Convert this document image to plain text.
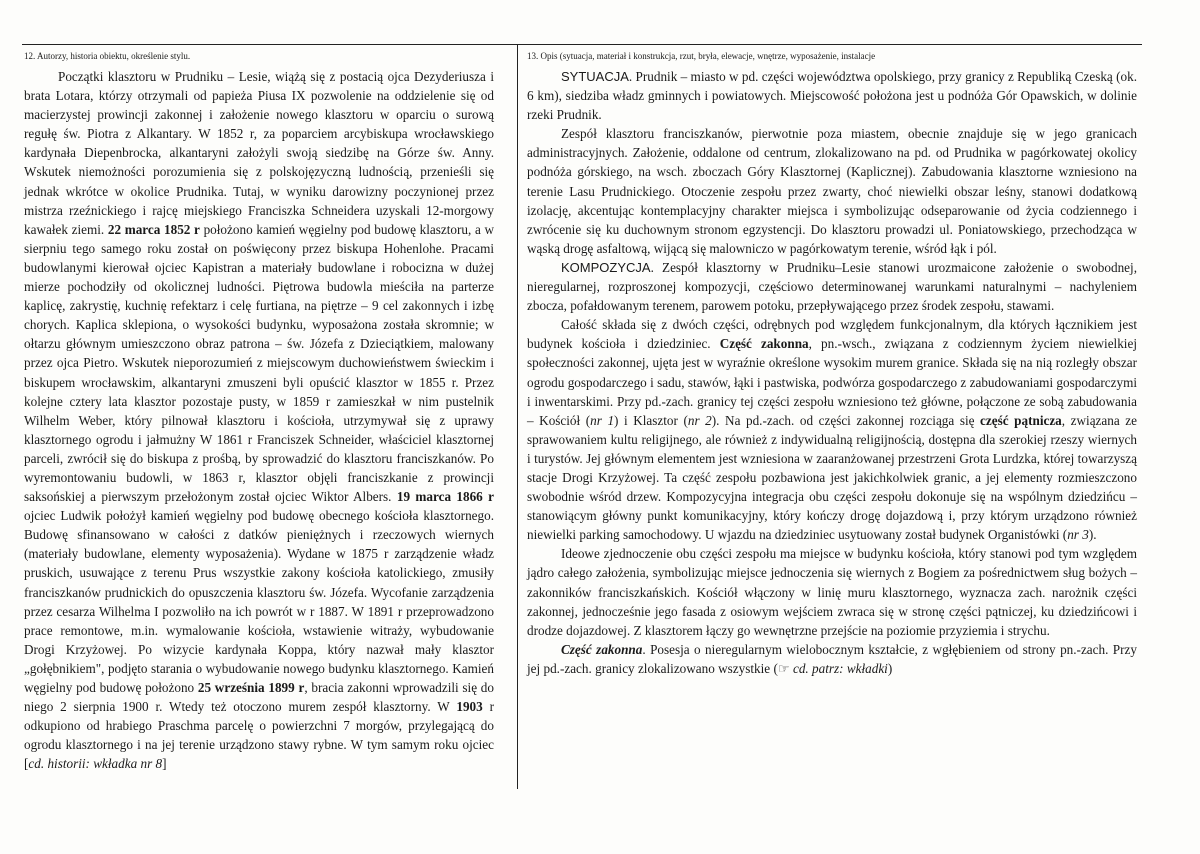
12. Autorzy, historia obiektu, określenie stylu.

Początki klasztoru w Prudniku – Lesie, wiążą się z postacią ojca Dezyderiusza i brata Lotara, którzy otrzymali od papieża Piusa IX pozwolenie na oddzielenie się od macierzystej prowincji zakonnej i założenie nowego klasztoru w oparciu o surową regułę św. Piotra z Alkantary. W 1852 r, za poparciem arcybiskupa wrocławskiego kardynała Diepenbrocka, alkantaryni założyli swoją siedzibę na Górze św. Anny. Wskutek niemożności porozumienia się z polskojęzyczną ludnością, przenieśli się jednak wkrótce w okolice Prudnika. Tutaj, w wyniku darowizny poczynionej przez mistrza rzeźnickiego i rajcę miejskiego Franciszka Schneidera uzyskali 12-morgowy kawałek ziemi. 22 marca 1852 r położono kamień węgielny pod budowę klasztoru, a w sierpniu tego samego roku został on poświęcony przez biskupa Hohenlohe. Pracami budowlanymi kierował ojciec Kapistran a materiały budowlane i robocizna w dużej mierze pochodziły od okolicznej ludności. Piętrowa budowla mieściła na parterze kaplicę, zakrystię, kuchnię refektarz i celę furtiana, na piętrze – 9 cel zakonnych i izbę chorych. Kaplica sklepiona, o wysokości budynku, wyposażona została skromnie; w ołtarzu głównym umieszczono obraz patrona – św. Józefa z Dzieciątkiem, malowany przez ojca Pietro. Wskutek nieporozumień z miejscowym duchowieństwem świeckim i biskupem wrocławskim, alkantaryni zmuszeni byli opuścić klasztor w 1855 r. Przez kolejne cztery lata klasztor pozostaje pusty, w 1859 r zamieszkał w nim pustelnik Wilhelm Weber, który pilnował klasztoru i kościoła, utrzymywał się z uprawy klasztornego ogrodu i jałmużny W 1861 r Franciszek Schneider, właściciel klasztornej parceli, zwrócił się do biskupa z prośbą, by sprowadzić do klasztoru franciszkanów. Po wyremontowaniu budowli, w 1863 r, klasztor objęli franciszkanie z prowincji saksońskiej a pierwszym przełożonym został ojciec Wiktor Albers. 19 marca 1866 r ojciec Ludwik położył kamień węgielny pod budowę obecnego kościoła klasztornego. Budowę sfinansowano w całości z datków pieniężnych i rzeczowych wiernych (materiały budowlane, elementy wyposażenia). Wydane w 1875 r zarządzenie władz pruskich, usuwające z terenu Prus wszystkie zakony kościoła katolickiego, zmusiły franciszkanów prudnickich do opuszczenia klasztoru św. Józefa. Wycofanie zarządzenia przez cesarza Wilhelma I pozwoliło na ich powrót w r 1887. W 1891 r przeprowadzono prace remontowe, m.in. wymalowanie kościoła, wstawienie witraży, wybudowanie Drogi Krzyżowej. Po wizycie kardynała Koppa, który nazwał mały klasztor „gołębnikiem", podjęto starania o wybudowanie nowego budynku klasztornego. Kamień węgielny pod budowę położono 25 września 1899 r, bracia zakonni wprowadzili się do niego 2 sierpnia 1900 r. Wtedy też otoczono murem zespół klasztorny. W 1903 r odkupiono od hrabiego Praschma parcelę o powierzchni 7 morgów, przylegającą do ogrodu klasztornego i na jej terenie urządzono stawy rybne. W tym samym roku ojciec [cd. historii: wkładka nr 8]

13. Opis (sytuacja, materiał i konstrukcja, rzut, bryła, elewacje, wnętrze, wyposażenie, instalacje

SYTUACJA. Prudnik – miasto w pd. części województwa opolskiego, przy granicy z Republiką Czeską (ok. 6 km), siedziba władz gminnych i powiatowych. Miejscowość położona jest u podnóża Gór Opawskich, w dolinie rzeki Prudnik.

Zespół klasztoru franciszkanów, pierwotnie poza miastem, obecnie znajduje się w jego granicach administracyjnych. Założenie, oddalone od centrum, zlokalizowano na pd. od Prudnika w pagórkowatej okolicy podnóża górskiego, na wsch. zboczach Góry Klasztornej (Kaplicznej). Zabudowania klasztorne wzniesiono na terenie Lasu Prudnickiego. Otoczenie zespołu przez zwarty, choć niewielki obszar leśny, stanowi dodatkową izolację, akcentując kontemplacyjny charakter miejsca i symbolizując odseparowanie od życia codziennego i zwrócenie się ku duchownym stronom egzystencji. Do klasztoru prowadzi ul. Poniatowskiego, przechodząca w wąską drogę asfaltową, wijącą się malowniczo w pagórkowatym terenie, wśród łąk i pól.

KOMPOZYCJA. Zespół klasztorny w Prudniku–Lesie stanowi urozmaicone założenie o swobodnej, nieregularnej, rozproszonej kompozycji, częściowo determinowanej warunkami naturalnymi – nachyleniem zbocza, pofałdowanym terenem, parowem potoku, przepływającego przez środek zespołu, stawami.

Całość składa się z dwóch części, odrębnych pod względem funkcjonalnym, dla których łącznikiem jest budynek kościoła i dziedziniec. Część zakonna, pn.-wsch., związana z codziennym życiem niewielkiej społeczności zakonnej, ujęta jest w wyraźnie określone wysokim murem granice. Składa się na nią rozległy obszar ogrodu gospodarczego i sadu, stawów, łąki i pastwiska, podwórza gospodarczego z zabudowaniami gospodarczymi i inwentarskimi. Przy pd.-zach. granicy tej części zespołu wzniesiono też główne, połączone ze sobą zabudowania – Kościół (nr 1) i Klasztor (nr 2). Na pd.-zach. od części zakonnej rozciąga się część pątnicza, związana ze sprawowaniem kultu religijnego, ale również z indywidualną religijnością, dostępna dla szerokiej rzeszy wiernych i turystów. Jej głównym elementem jest wzniesiona w zaaranżowanej przestrzeni Grota Lurdzka, której towarzyszą stacje Drogi Krzyżowej. Ta część zespołu pozbawiona jest jakichkolwiek granic, a jej elementy rozmieszczono swobodnie wśród drzew. Kompozycyjna integracja obu części zespołu dokonuje się na wspólnym dziedzińcu – stanowiącym główny punkt komunikacyjny, który kończy drogę dojazdową i, przy którym urządzono również niewielki parking samochodowy. U wjazdu na dziedziniec usytuowany został budynek Organistówki (nr 3).

Ideowe zjednoczenie obu części zespołu ma miejsce w budynku kościoła, który stanowi pod tym względem jądro całego założenia, symbolizując miejsce jednoczenia się wiernych z Bogiem za pośrednictwem sług bożych – zakonników franciszkańskich. Kościół włączony w linię muru klasztornego, wyznacza zach. narożnik części zakonnej, jednocześnie jego fasada z osiowym wejściem zwraca się w stronę części pątniczej, ku dziedzińcowi i drodze dojazdowej. Z klasztorem łączy go wewnętrzne przejście na poziomie przyziemia i strychu.

Część zakonna. Posesja o nieregularnym wielobocznym kształcie, z wgłębieniem od strony pn.-zach. Przy jej pd.-zach. granicy zlokalizowano wszystkie (☞ cd. patrz: wkładki)
